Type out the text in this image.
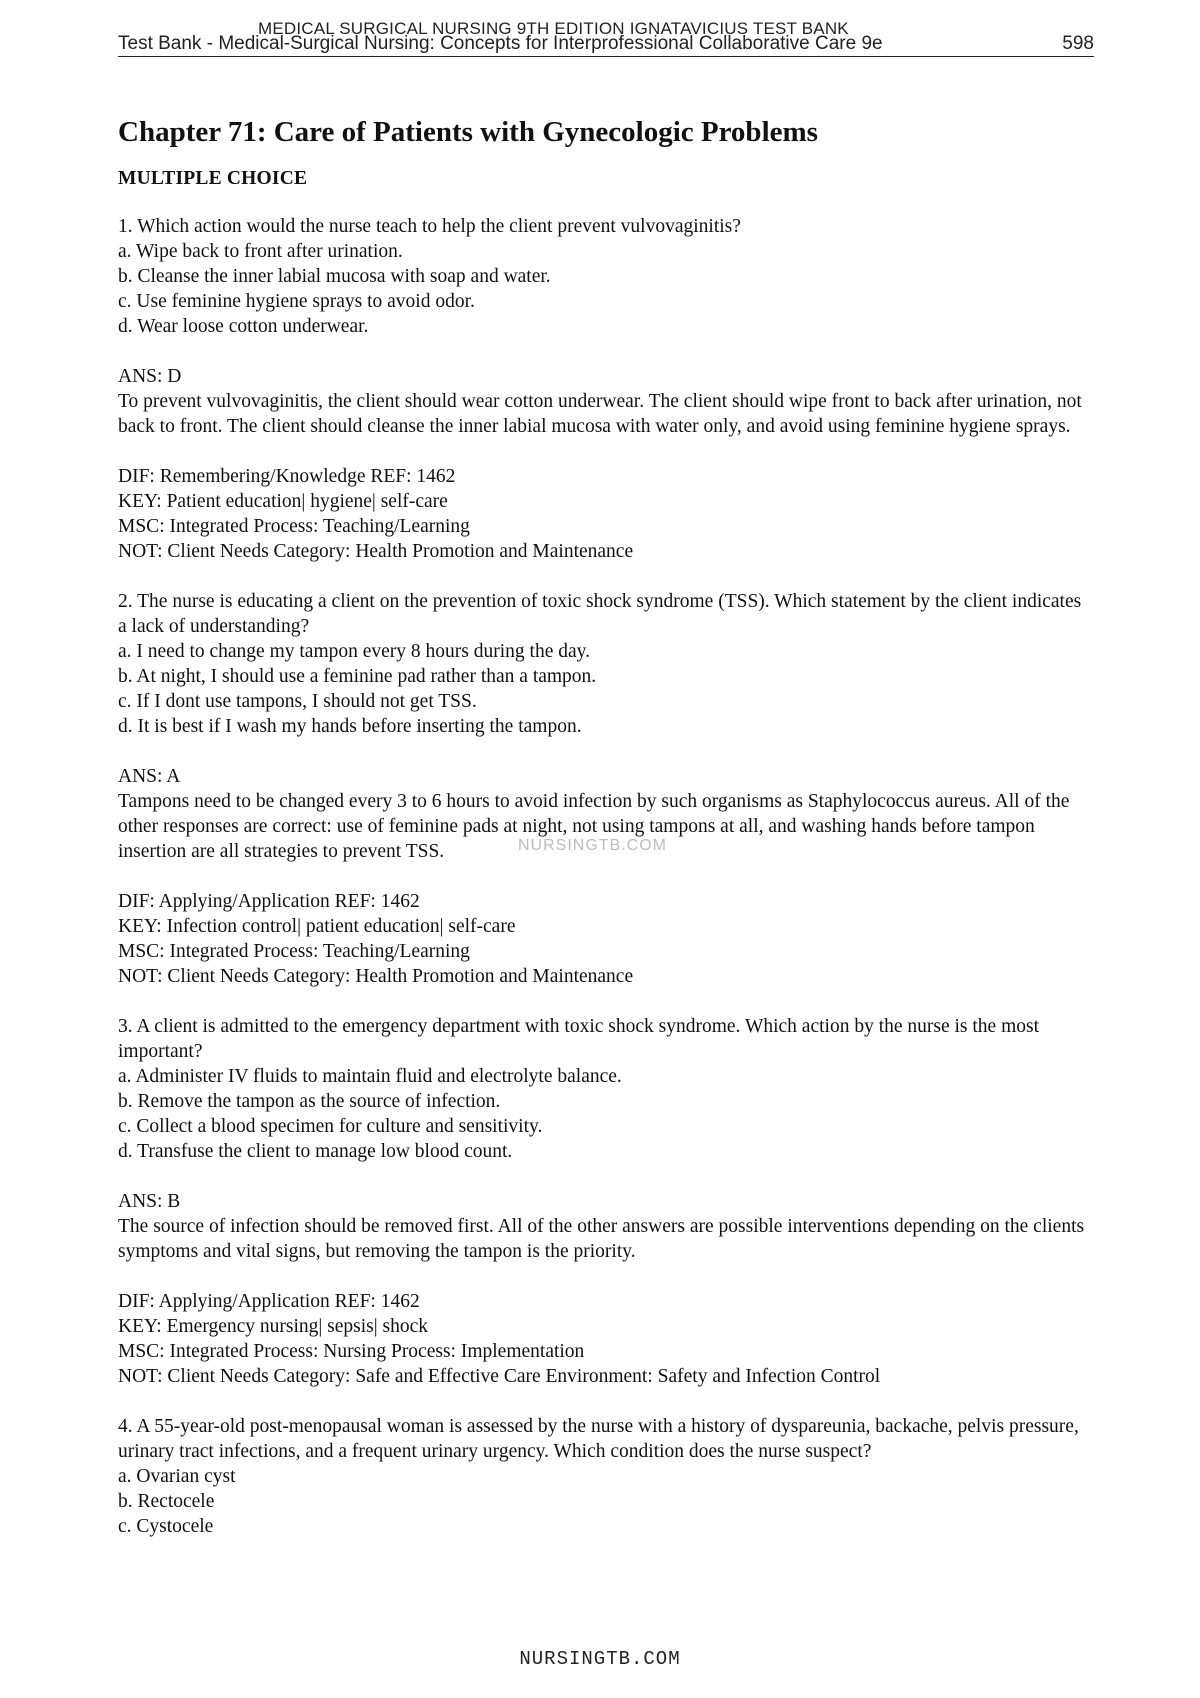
MEDICAL SURGICAL NURSING 9TH EDITION IGNATAVICIUS TEST BANK
Test Bank - Medical-Surgical Nursing: Concepts for Interprofessional Collaborative Care 9e	598
Chapter 71: Care of Patients with Gynecologic Problems
MULTIPLE CHOICE

1. Which action would the nurse teach to help the client prevent vulvovaginitis?

a. Wipe back to front after urination.

b. Cleanse the inner labial mucosa with soap and water.

c. Use feminine hygiene sprays to avoid odor.

d. Wear loose cotton underwear.

ANS: D

To prevent vulvovaginitis, the client should wear cotton underwear. The client should wipe front to back after urination, not back to front. The client should cleanse the inner labial mucosa with water only, and avoid using feminine hygiene sprays.

DIF: Remembering/Knowledge REF: 1462

KEY: Patient education| hygiene| self-care

MSC: Integrated Process: Teaching/Learning

NOT: Client Needs Category: Health Promotion and Maintenance

2. The nurse is educating a client on the prevention of toxic shock syndrome (TSS). Which statement by the client indicates a lack of understanding?

a. I need to change my tampon every 8 hours during the day.

b. At night, I should use a feminine pad rather than a tampon.

c. If I dont use tampons, I should not get TSS.

d. It is best if I wash my hands before inserting the tampon.

ANS: A

Tampons need to be changed every 3 to 6 hours to avoid infection by such organisms as Staphylococcus aureus. All of the other responses are correct: use of feminine pads at night, not using tampons at all, and washing hands before tampon insertion are all strategies to prevent TSS.

DIF: Applying/Application REF: 1462

KEY: Infection control| patient education| self-care

MSC: Integrated Process: Teaching/Learning

NOT: Client Needs Category: Health Promotion and Maintenance

3. A client is admitted to the emergency department with toxic shock syndrome. Which action by the nurse is the most important?

a. Administer IV fluids to maintain fluid and electrolyte balance.

b. Remove the tampon as the source of infection.

c. Collect a blood specimen for culture and sensitivity.

d. Transfuse the client to manage low blood count.

ANS: B

The source of infection should be removed first. All of the other answers are possible interventions depending on the clients symptoms and vital signs, but removing the tampon is the priority.

DIF: Applying/Application REF: 1462

KEY: Emergency nursing| sepsis| shock

MSC: Integrated Process: Nursing Process: Implementation

NOT: Client Needs Category: Safe and Effective Care Environment: Safety and Infection Control

4. A 55-year-old post-menopausal woman is assessed by the nurse with a history of dyspareunia, backache, pelvis pressure, urinary tract infections, and a frequent urinary urgency. Which condition does the nurse suspect?

a. Ovarian cyst

b. Rectocele

c. Cystocele

NURSINGTB.COM
NURSINGTB.COM
